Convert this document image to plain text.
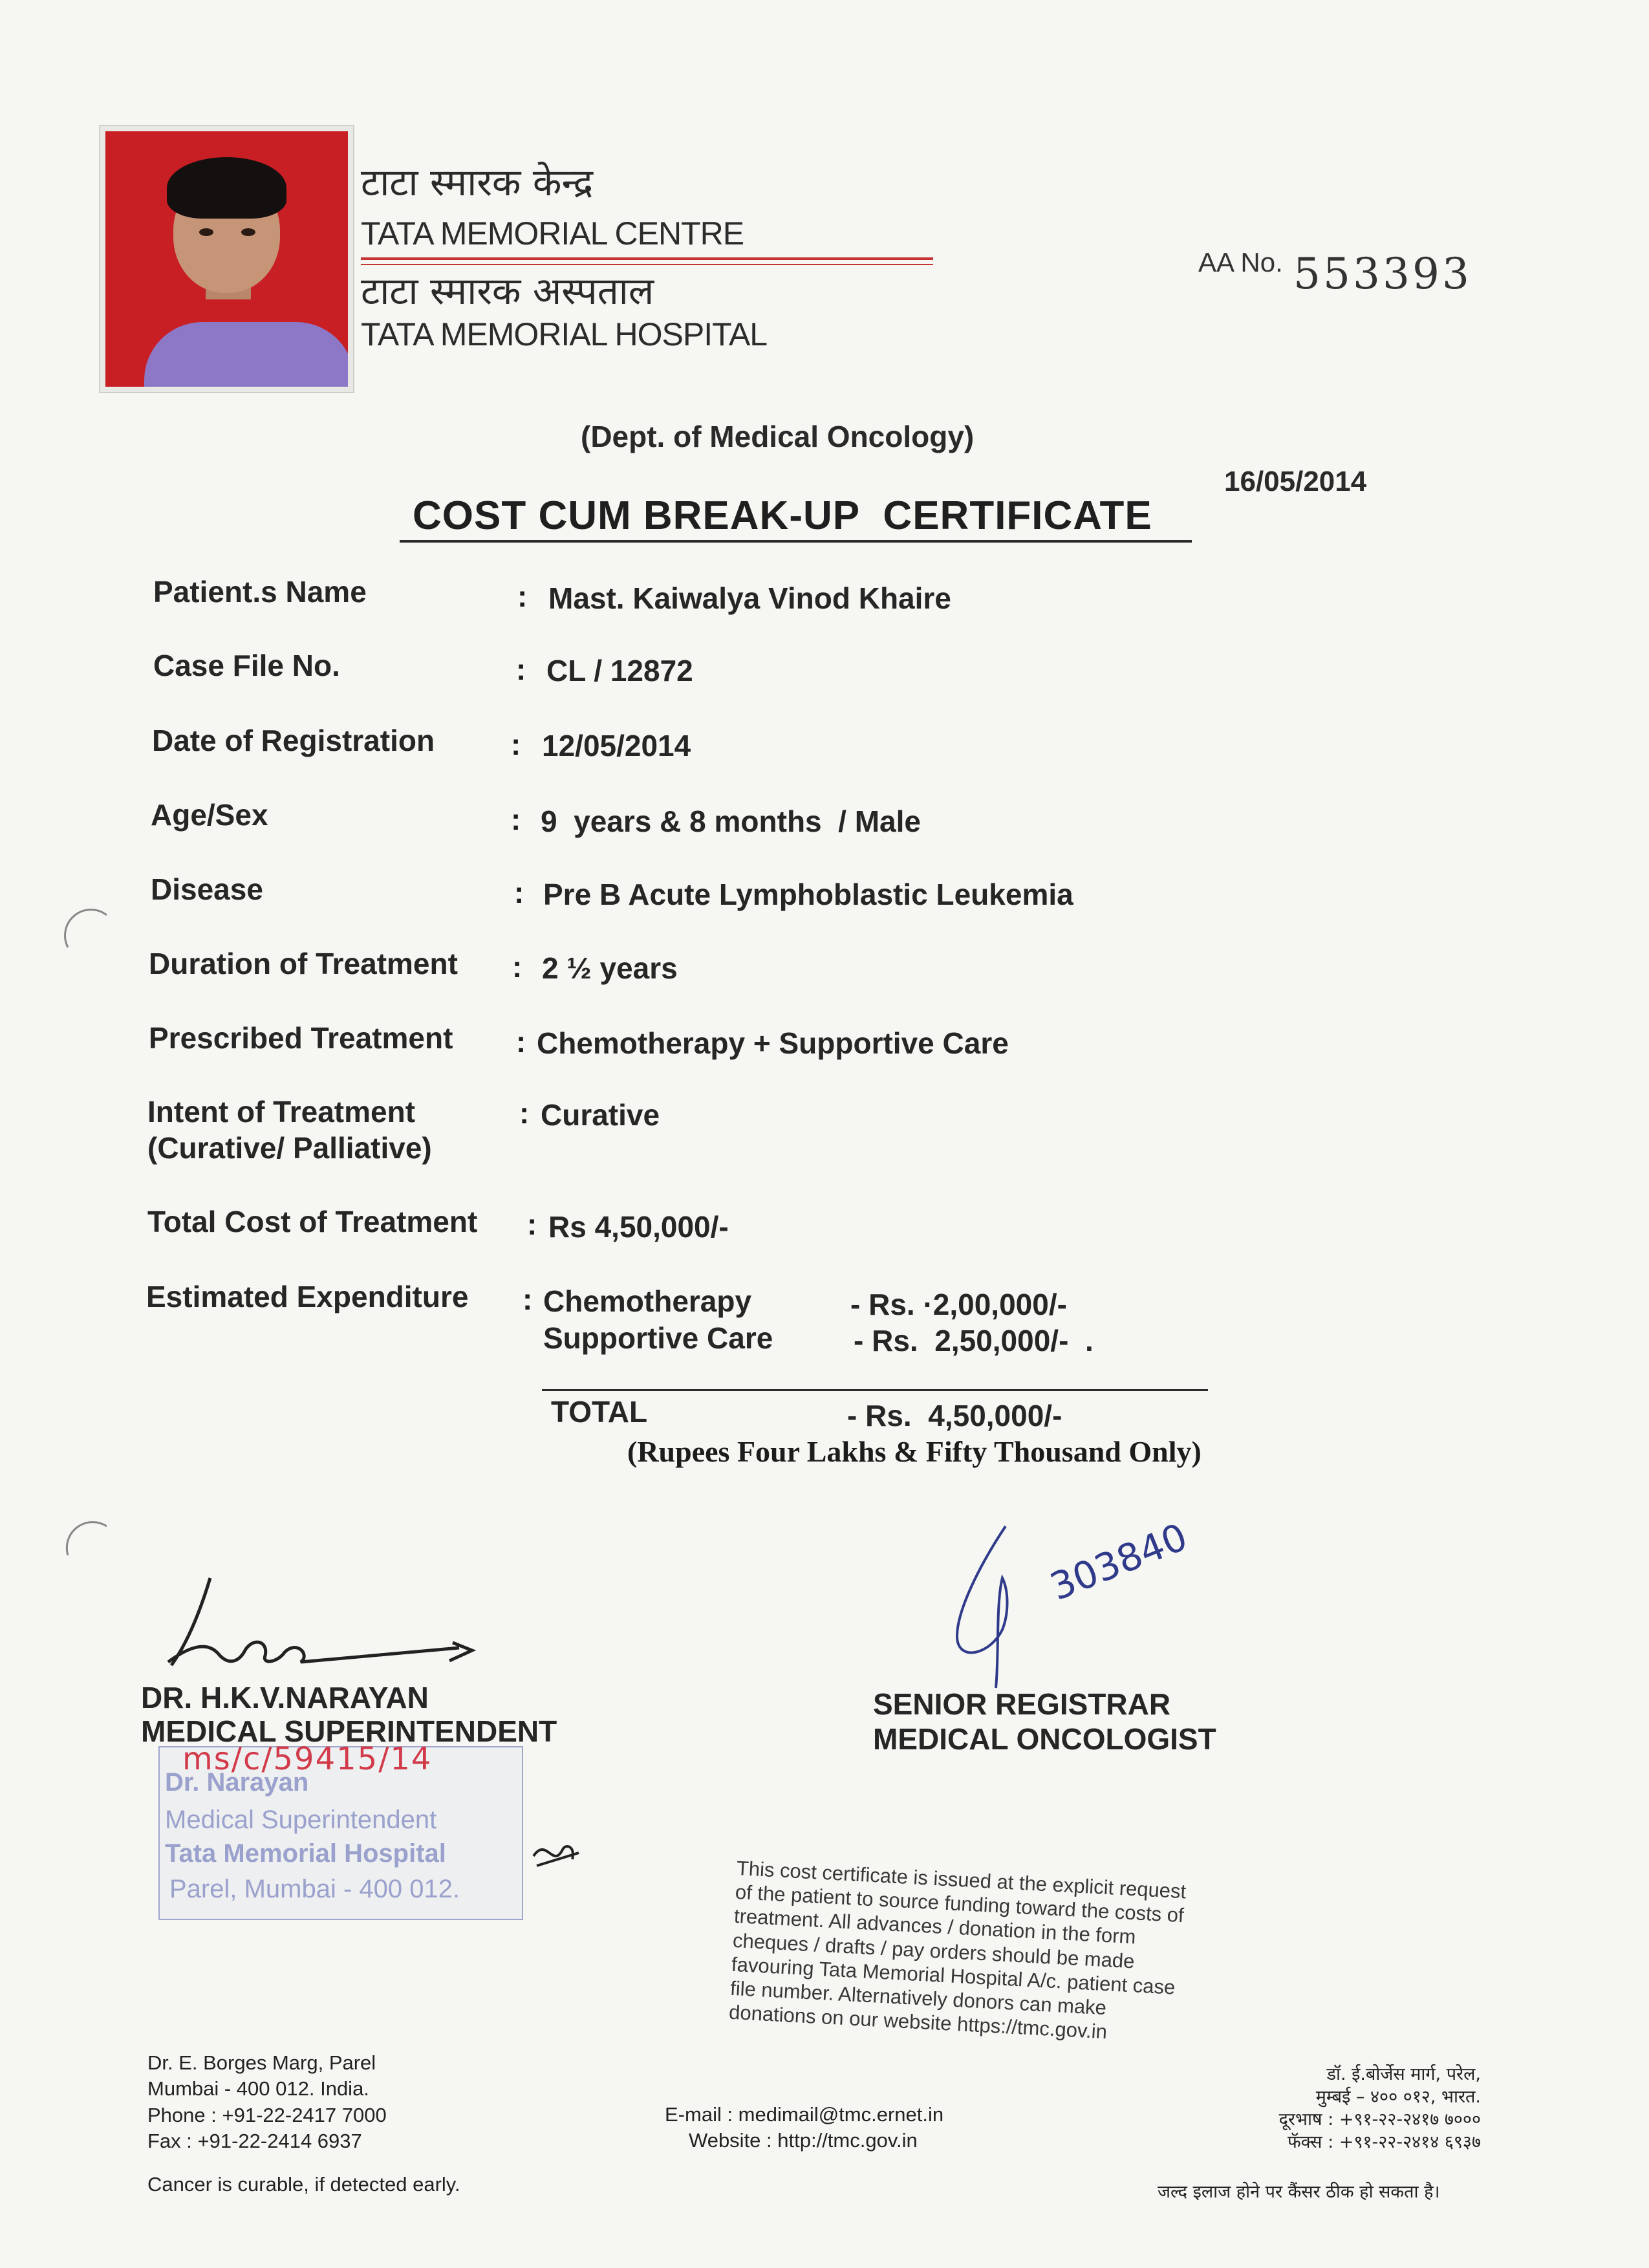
टाटा स्मारक केन्द्र
TATA MEMORIAL CENTRE
टाटा स्मारक अस्पताल
TATA MEMORIAL HOSPITAL
AA No. 553393
(Dept. of Medical Oncology)
16/05/2014
COST CUM BREAK-UP  CERTIFICATE
Patient.s Name	: Mast. Kaiwalya Vinod Khaire
Case File No.	: CL / 12872
Date of Registration	: 12/05/2014
Age/Sex	: 9  years & 8 months  / Male
Disease	: Pre B Acute Lymphoblastic Leukemia
Duration of Treatment : 2 ½ years
Prescribed Treatment : Chemotherapy + Supportive Care
Intent of Treatment
(Curative/ Palliative)
: Curative
Total Cost of Treatment : Rs 4,50,000/-
Estimated Expenditure : Chemotherapy	- Rs. ·2,00,000/-
Supportive Care	- Rs.  2,50,000/-  .
TOTAL	- Rs.  4,50,000/-
(Rupees Four Lakhs & Fifty Thousand Only)
303840
DR. H.K.V.NARAYAN
MEDICAL SUPERINTENDENT
SENIOR REGISTRAR
MEDICAL ONCOLOGIST
Dr. Narayan
Medical Superintendent
Tata Memorial Hospital
Parel, Mumbai - 400 012.
ms/c/59415/14
This cost certificate is issued at the explicit request of the patient to source funding toward the costs of treatment. All advances / donation in the form cheques / drafts / pay orders should be made favouring Tata Memorial Hospital A/c. patient case file number. Alternatively donors can make donations on our website https://tmc.gov.in
Dr. E. Borges Marg, Parel
Mumbai - 400 012. India.
Phone : +91-22-2417 7000
Fax : +91-22-2414 6937
Cancer is curable, if detected early.
E-mail : medimail@tmc.ernet.in
Website : http://tmc.gov.in
डॉ. ई.बोर्जेस मार्ग, परेल,
मुम्बई – ४०० ०१२, भारत.
दूरभाष : +९१-२२-२४१७ ७०००
फॅक्स : +९१-२२-२४१४ ६९३७
जल्द इलाज होने पर कैंसर ठीक हो सकता है।
